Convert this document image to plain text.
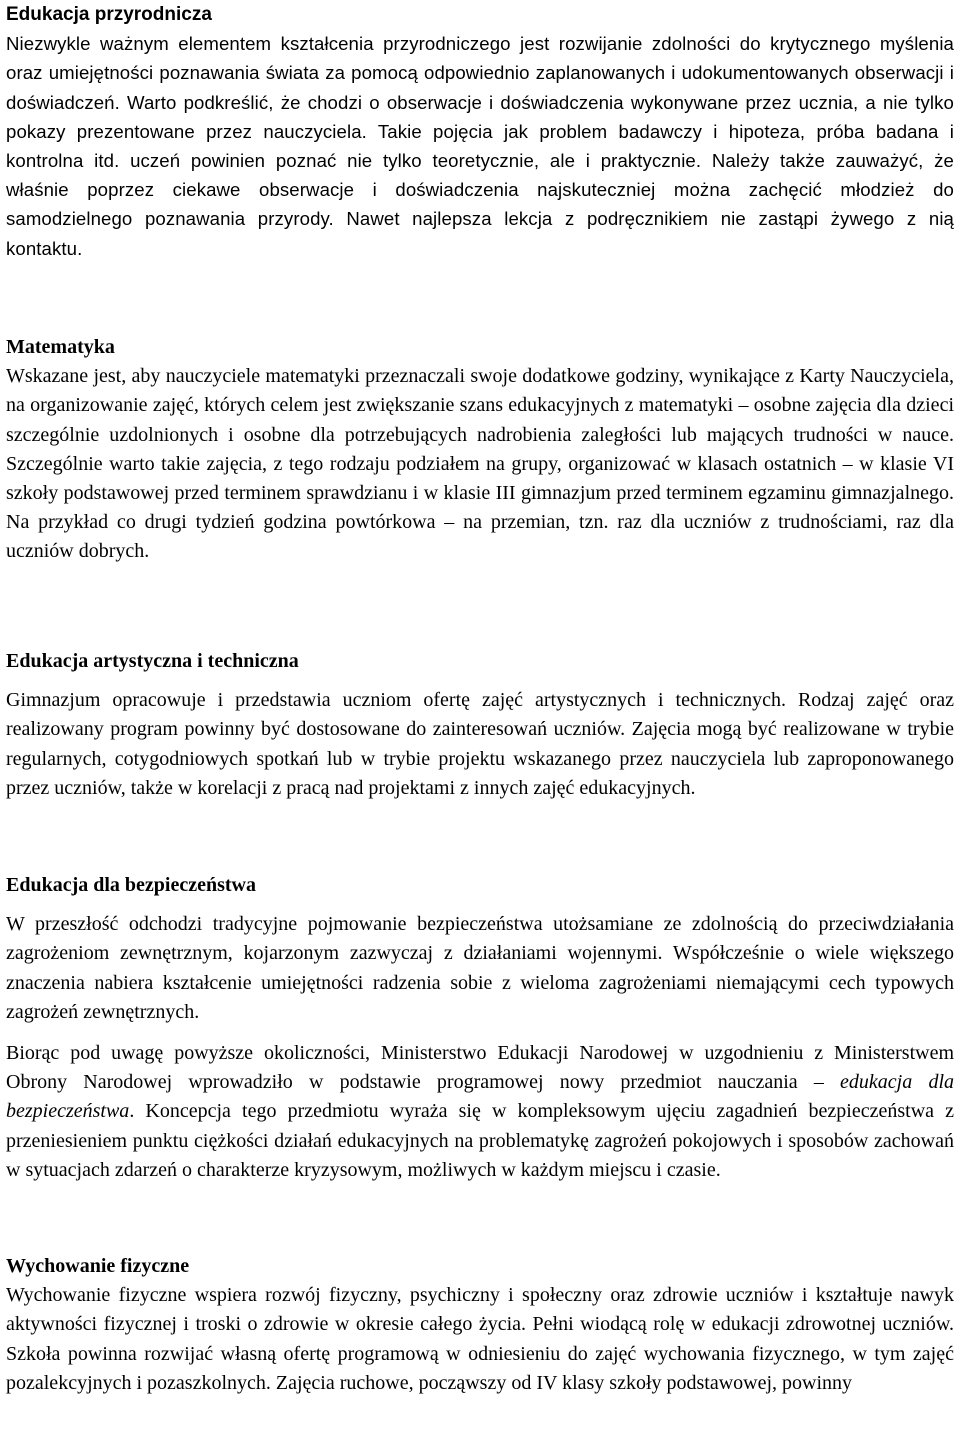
Edukacja przyrodnicza

Niezwykle ważnym elementem kształcenia przyrodniczego jest rozwijanie zdolności do krytycznego myślenia oraz umiejętności poznawania świata za pomocą odpowiednio zaplanowanych i udokumentowanych obserwacji i doświadczeń. Warto podkreślić, że chodzi o obserwacje i doświadczenia wykonywane przez ucznia, a nie tylko pokazy prezentowane przez nauczyciela. Takie pojęcia jak problem badawczy i hipoteza, próba badana i kontrolna itd. uczeń powinien poznać nie tylko teoretycznie, ale i praktycznie. Należy także zauważyć, że właśnie poprzez ciekawe obserwacje i doświadczenia najskuteczniej można zachęcić młodzież do samodzielnego poznawania przyrody. Nawet najlepsza lekcja z podręcznikiem nie zastąpi żywego z nią kontaktu.

Matematyka

Wskazane jest, aby nauczyciele matematyki przeznaczali swoje dodatkowe godziny, wynikające z Karty Nauczyciela, na organizowanie zajęć, których celem jest zwiększanie szans edukacyjnych z matematyki – osobne zajęcia dla dzieci szczególnie uzdolnionych i osobne dla potrzebujących nadrobienia zaległości lub mających trudności w nauce. Szczególnie warto takie zajęcia, z tego rodzaju podziałem na grupy, organizować w klasach ostatnich – w klasie VI szkoły podstawowej przed terminem sprawdzianu i w klasie III gimnazjum przed terminem egzaminu gimnazjalnego. Na przykład co drugi tydzień godzina powtórkowa – na przemian, tzn. raz dla uczniów z trudnościami, raz dla uczniów dobrych.

Edukacja artystyczna i techniczna

Gimnazjum opracowuje i przedstawia uczniom ofertę zajęć artystycznych i technicznych. Rodzaj zajęć oraz realizowany program powinny być dostosowane do zainteresowań uczniów. Zajęcia mogą być realizowane w trybie regularnych, cotygodniowych spotkań lub w trybie projektu wskazanego przez nauczyciela lub zaproponowanego przez uczniów, także w korelacji z pracą nad projektami z innych zajęć edukacyjnych.

Edukacja dla bezpieczeństwa

W przeszłość odchodzi tradycyjne pojmowanie bezpieczeństwa utożsamiane ze zdolnością do przeciwdziałania zagrożeniom zewnętrznym, kojarzonym zazwyczaj z działaniami wojennymi. Współcześnie o wiele większego znaczenia nabiera kształcenie umiejętności radzenia sobie z wieloma zagrożeniami niemającymi cech typowych zagrożeń zewnętrznych.

Biorąc pod uwagę powyższe okoliczności, Ministerstwo Edukacji Narodowej w uzgodnieniu z Ministerstwem Obrony Narodowej wprowadziło w podstawie programowej nowy przedmiot nauczania – edukacja dla bezpieczeństwa. Koncepcja tego przedmiotu wyraża się w kompleksowym ujęciu zagadnień bezpieczeństwa z przeniesieniem punktu ciężkości działań edukacyjnych na problematykę zagrożeń pokojowych i sposobów zachowań w sytuacjach zdarzeń o charakterze kryzysowym, możliwych w każdym miejscu i czasie.

Wychowanie fizyczne

Wychowanie fizyczne wspiera rozwój fizyczny, psychiczny i społeczny oraz zdrowie uczniów i kształtuje nawyk aktywności fizycznej i troski o zdrowie w okresie całego życia. Pełni wiodącą rolę w edukacji zdrowotnej uczniów. Szkoła powinna rozwijać własną ofertę programową w odniesieniu do zajęć wychowania fizycznego, w tym zajęć pozalekcyjnych i pozaszkolnych. Zajęcia ruchowe, począwszy od IV klasy szkoły podstawowej, powinny
